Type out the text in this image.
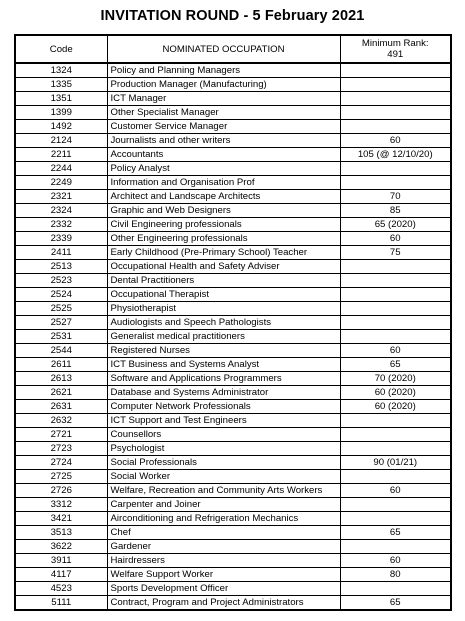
INVITATION ROUND - 5 February 2021
Code	NOMINATED OCCUPATION	Minimum Rank:
491
1324	Policy and Planning Managers	
1335	Production Manager (Manufacturing)	
1351	ICT Manager	
1399	Other Specialist Manager	
1492	Customer Service Manager	
2124	Journalists and other writers	60
2211	Accountants	105 (@ 12/10/20)
2244	Policy Analyst	
2249	Information and Organisation Prof	
2321	Architect and Landscape Architects	70
2324	Graphic and Web Designers	85
2332	Civil Engineering professionals	65 (2020)
2339	Other Engineering professionals	60
2411	Early Childhood (Pre-Primary School) Teacher	75
2513	Occupational Health and Safety Adviser	
2523	Dental Practitioners	
2524	Occupational Therapist	
2525	Physiotherapist	
2527	Audiologists and Speech Pathologists	
2531	Generalist medical practitioners	
2544	Registered Nurses	60
2611	ICT Business and Systems Analyst	65
2613	Software and Applications Programmers	70 (2020)
2621	Database and Systems Administrator	60 (2020)
2631	Computer Network Professionals	60 (2020)
2632	ICT Support and Test Engineers	
2721	Counsellors	
2723	Psychologist	
2724	Social Professionals	90 (01/21)
2725	Social Worker	
2726	Welfare, Recreation and Community Arts Workers	60
3312	Carpenter and Joiner	
3421	Airconditioning and Refrigeration Mechanics	
3513	Chef	65
3622	Gardener	
3911	Hairdressers	60
4117	Welfare Support Worker	80
4523	Sports Development Officer	
5111	Contract, Program and Project Administrators	65
